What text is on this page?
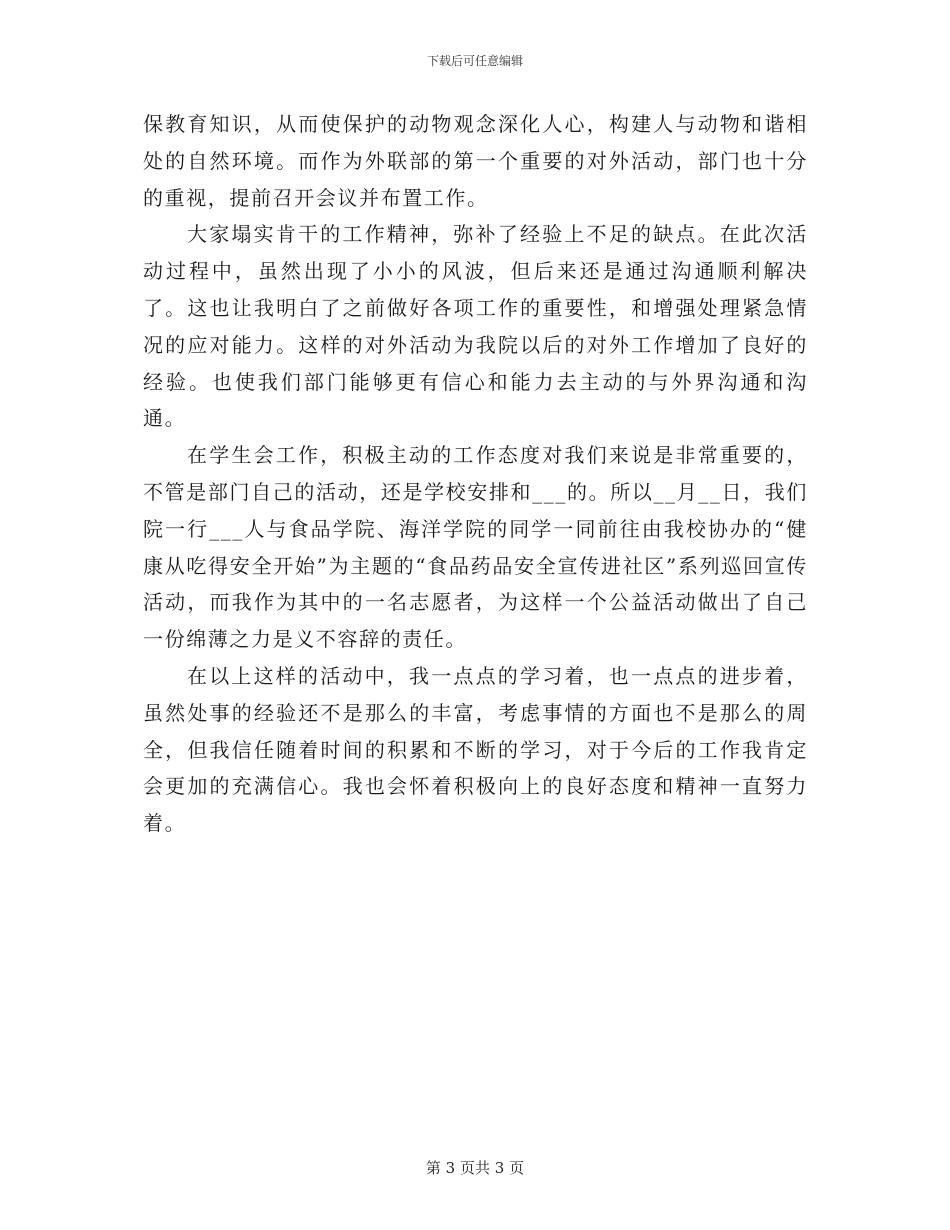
下载后可任意编辑

保教育知识，从而使保护的动物观念深化人心，构建人与动物和谐相处的自然环境。而作为外联部的第一个重要的对外活动，部门也十分的重视，提前召开会议并布置工作。

大家塌实肯干的工作精神，弥补了经验上不足的缺点。在此次活动过程中，虽然出现了小小的风波，但后来还是通过沟通顺利解决了。这也让我明白了之前做好各项工作的重要性，和增强处理紧急情况的应对能力。这样的对外活动为我院以后的对外工作增加了良好的经验。也使我们部门能够更有信心和能力去主动的与外界沟通和沟通。

在学生会工作，积极主动的工作态度对我们来说是非常重要的，不管是部门自己的活动，还是学校安排和___的。所以__月__日，我们院一行___人与食品学院、海洋学院的同学一同前往由我校协办的“健康从吃得安全开始”为主题的“食品药品安全宣传进社区”系列巡回宣传活动，而我作为其中的一名志愿者，为这样一个公益活动做出了自己一份绵薄之力是义不容辞的责任。

在以上这样的活动中，我一点点的学习着，也一点点的进步着，虽然处事的经验还不是那么的丰富，考虑事情的方面也不是那么的周全，但我信任随着时间的积累和不断的学习，对于今后的工作我肯定会更加的充满信心。我也会怀着积极向上的良好态度和精神一直努力着。

第 3 页共 3 页
